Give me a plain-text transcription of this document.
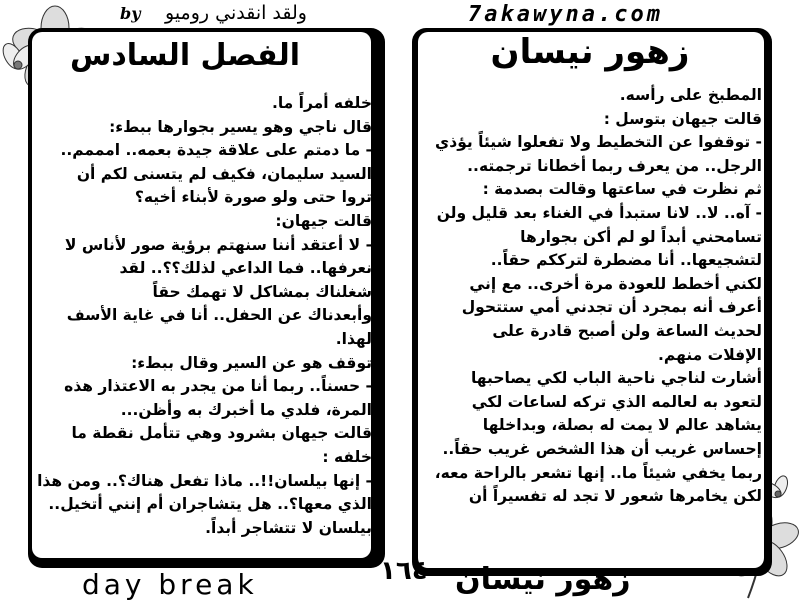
by ولقد انقدني روميو	7akawyna.com
الفصل السادس
خلفه أمراً ما.
قال ناجي وهو يسير بجوارها ببطء:
- ما دمتم على علاقة جيدة بعمه.. امممم..
السيد سليمان، فكيف لم يتسنى لكم أن
تروا حتى ولو صورة لأبناء أخيه؟
قالت جيهان:
- لا أعتقد أننا سنهتم برؤية صور لأناس لا
نعرفها.. فما الداعي لذلك؟؟.. لقد
شغلناك بمشاكل لا تهمك حقاً
وأبعدناك عن الحفل.. أنا في غاية الأسف
لهذا.
توقف هو عن السير وقال ببطء:
- حسناً.. ربما أنا من يجدر به الاعتذار هذه
المرة، فلدي ما أخبرك به وأظن...
قالت جيهان بشرود وهي تتأمل نقطة ما
خلفه :
- إنها بيلسان!!.. ماذا تفعل هناك؟.. ومن هذا
الذي معها؟.. هل يتشاجران أم إنني أتخيل..
بيلسان لا تتشاجر أبداً.
زهور نيسان
المطبخ على رأسه.
قالت جيهان بتوسل :
- توقفوا عن التخطيط ولا تفعلوا شيئاً يؤذي
الرجل.. من يعرف ربما أخطانا ترجمته..
ثم نظرت في ساعتها وقالت بصدمة :
- آه.. لا.. لانا ستبدأ في الغناء بعد قليل ولن
تسامحني أبداً لو لم أكن بجوارها
لتشجيعها.. أنا مضطرة لترككم حقاً..
لكني أخطط للعودة مرة أخرى.. مع إني
أعرف أنه بمجرد أن تجدني أمي ستتحول
لحديث الساعة ولن أصبح قادرة على
الإفلات منهم.
أشارت لناجي ناحية الباب لكي يصاحبها
لتعود به لعالمه الذي تركه لساعات لكي
يشاهد عالم لا يمت له بصلة، وبداخلها
إحساس غريب أن هذا الشخص غريب حقاً..
ربما يخفي شيئاً ما.. إنها تشعر بالراحة معه،
لكن يخامرها شعور لا تجد له تفسيراً أن
day break	١٦٤ زهور نيسان
